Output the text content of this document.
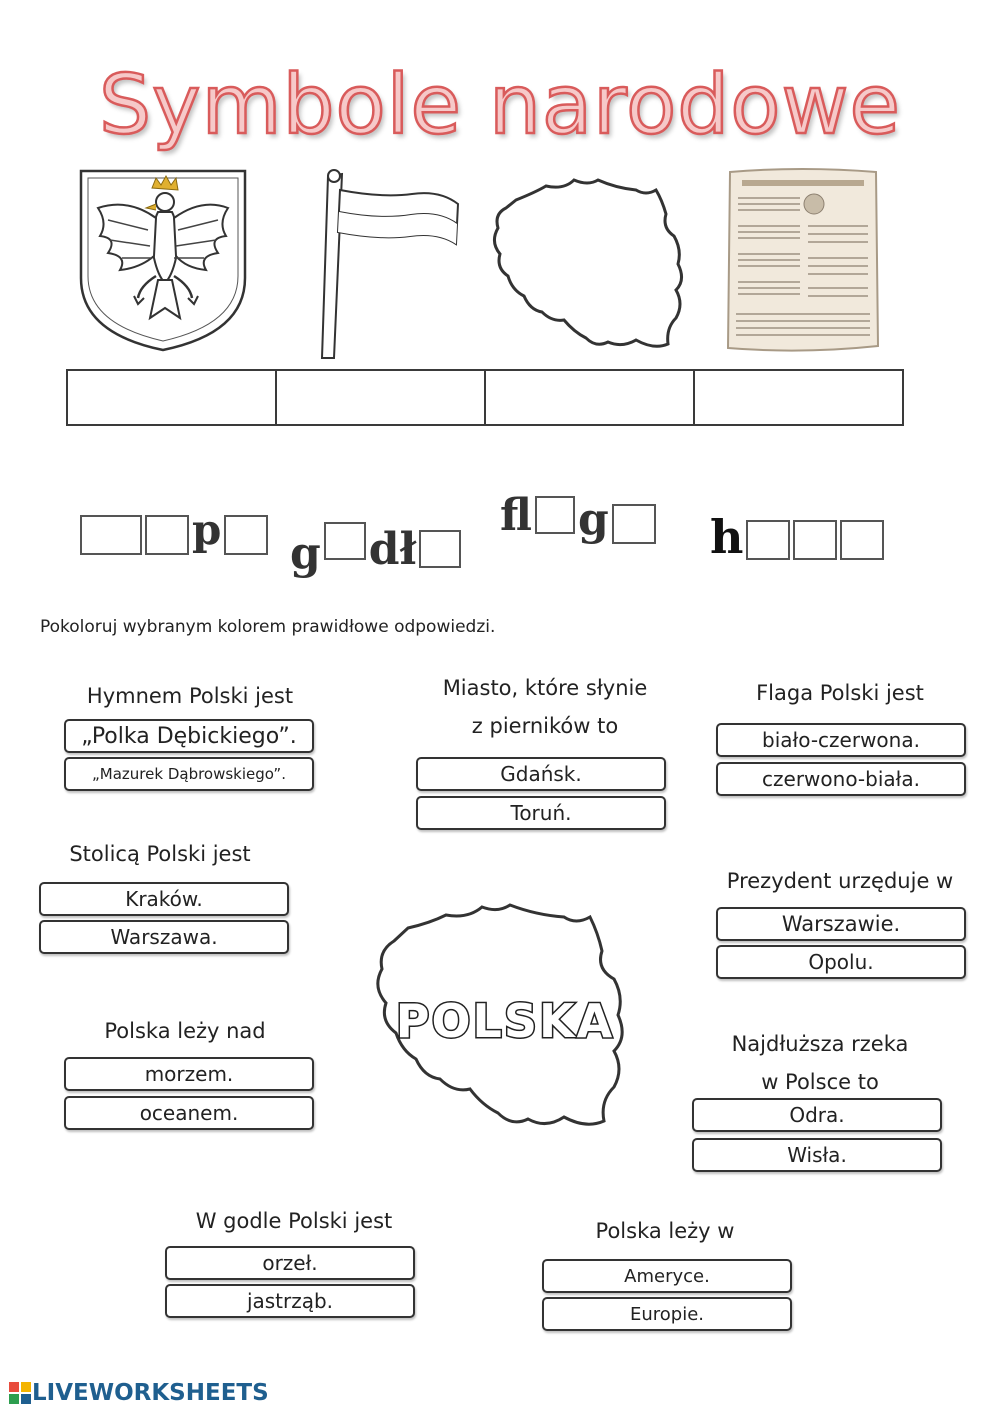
Symbole narodowe
p g dł
fl g h
Pokoloruj wybranym kolorem prawidłowe odpowiedzi.
Hymnem Polski jest
„Polka Dębickiego”.
„Mazurek Dąbrowskiego”.
Miasto, które słynie
z pierników to
Gdańsk.
Toruń.
Flaga Polski jest
biało-czerwona.
czerwono-biała.
Stolicą Polski jest
Kraków.
Warszawa.
Prezydent urzęduje w
Warszawie.
Opolu.
POLSKA
Polska leży nad
morzem.
oceanem.
Najdłuższa rzeka
w Polsce to
Odra.
Wisła.
W godle Polski jest
orzeł.
jastrząb.
Polska leży w
Ameryce.
Europie.
LIVEWORKSHEETS
